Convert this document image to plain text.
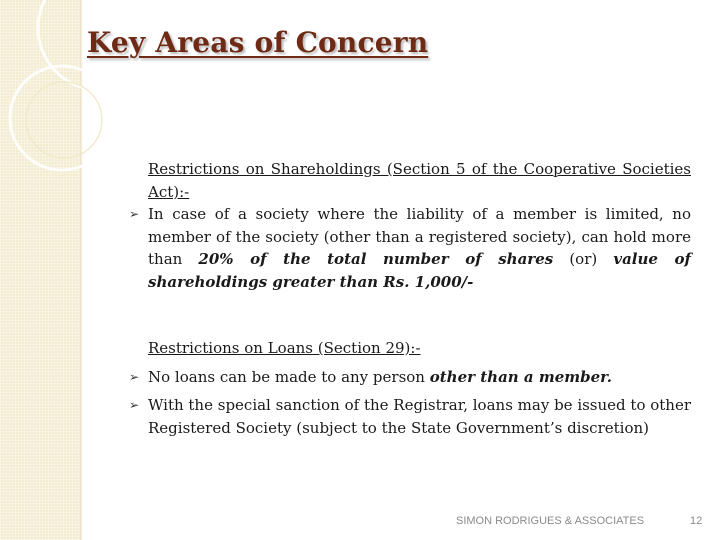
Key Areas of Concern

Restrictions on Shareholdings (Section 5 of the Cooperative Societies Act):-

➢ In case of a society where the liability of a member is limited, no member of the society (other than a registered society), can hold more than 20% of the total number of shares (or) value of shareholdings greater than Rs. 1,000/-

Restrictions on Loans (Section 29):-

➢ No loans can be made to any person other than a member.

➢ With the special sanction of the Registrar, loans may be issued to other Registered Society (subject to the State Government’s discretion)

SIMON RODRIGUES & ASSOCIATES	12
